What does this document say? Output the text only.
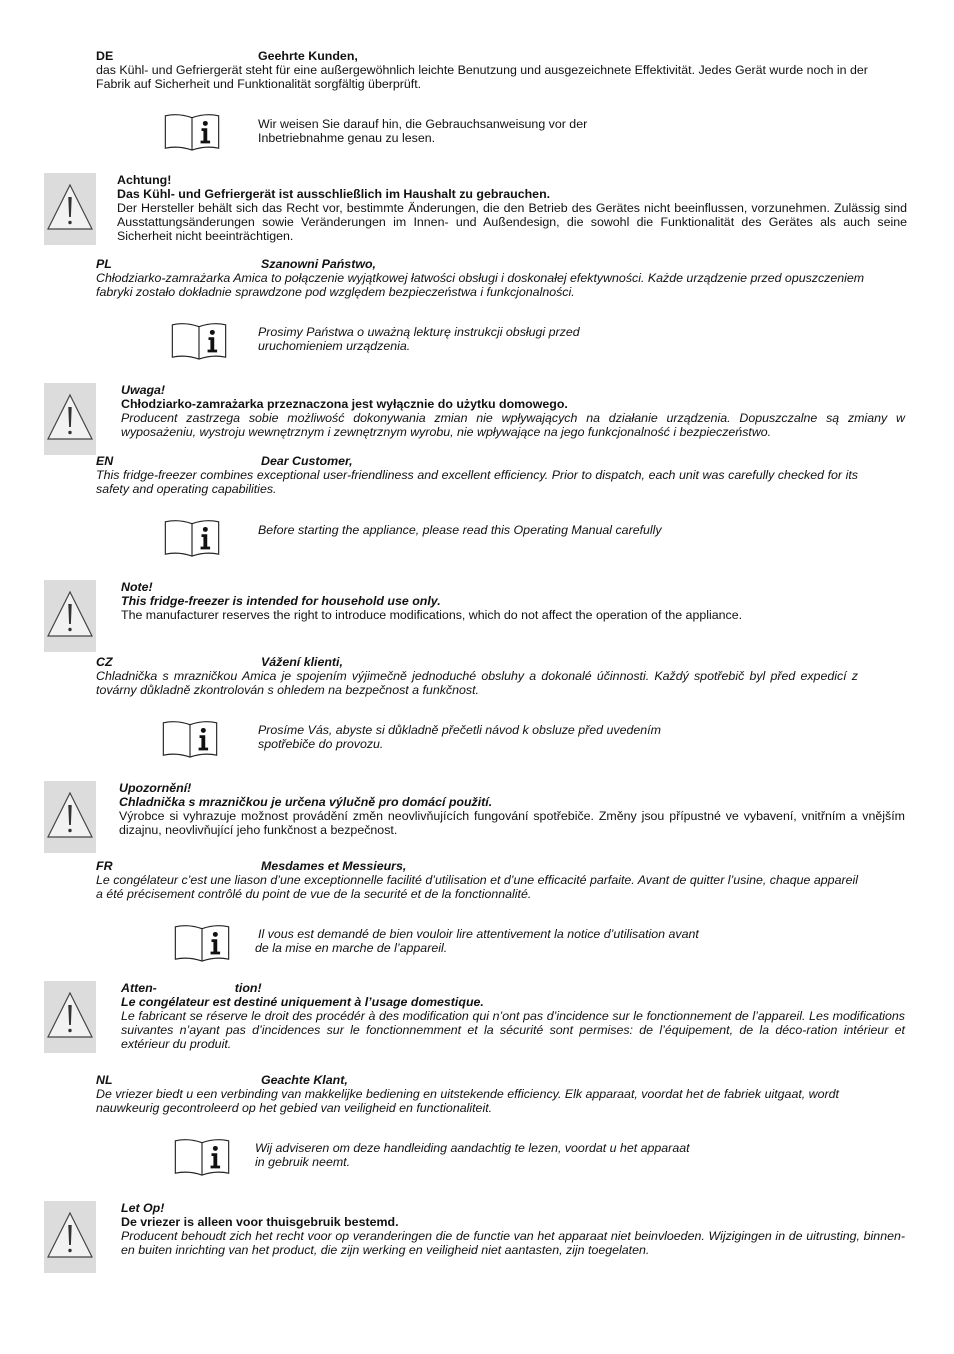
DE	Geehrte Kunden,

das Kühl- und Gefriergerät steht für eine außergewöhnlich leichte Benutzung und ausgezeichnete Effektivität. Jedes Gerät wurde noch in der Fabrik auf Sicherheit und Funktionalität sorgfältig überprüft.

Wir weisen Sie darauf hin, die Gebrauchsanweisung vor der

Inbetriebnahme genau zu lesen.

Achtung!

Das Kühl- und Gefriergerät ist ausschließlich im Haushalt zu gebrauchen.

Der Hersteller behält sich das Recht vor, bestimmte Änderungen, die den Betrieb des Gerätes nicht beeinflussen, vorzunehmen. Zulässig sind Ausstattungsänderungen sowie Veränderungen im Innen- und Außendesign, die sowohl die Funktionalität des Gerätes als auch seine Sicherheit nicht beeinträchtigen.

PL	Szanowni Państwo,

Chłodziarko-zamrażarka Amica to połączenie wyjątkowej łatwości obsługi i doskonałej efektywności. Każde urządzenie przed opuszczeniem fabryki zostało dokładnie sprawdzone pod względem bezpieczeństwa i funkcjonalności.

Prosimy Państwa o uważną lekturę instrukcji obsługi przed

uruchomieniem urządzenia.

Uwaga!

Chłodziarko-zamrażarka przeznaczona jest wyłącznie do użytku domowego.

Producent zastrzega sobie możliwość dokonywania zmian nie wpływających na działanie urządzenia. Dopuszczalne są zmiany w wyposażeniu, wystroju wewnętrznym i zewnętrznym wyrobu, nie wpływające na jego funkcjonalność i bezpieczeństwo.

EN	Dear Customer,

This fridge-freezer combines exceptional user-friendliness and excellent efficiency. Prior to dispatch, each unit was carefully checked for its safety and operating capabilities.

Before starting the appliance, please read this Operating Manual carefully

Note!

This fridge-freezer is intended for household use only.

The manufacturer reserves the right to introduce modifications, which do not affect the operation of the appliance.

CZ	Vážení klienti,

Chladnička s mrazničkou Amica je spojením výjimečně jednoduché obsluhy a dokonalé účinnosti. Každý spotřebič byl před expedicí z továrny důkladně zkontrolován s ohledem na bezpečnost a funkčnost.

Prosíme Vás, abyste si důkladně přečetli návod k obsluze před uvedením

spotřebiče do provozu.

Upozornění!

Chladnička s mrazničkou je určena výlučně pro domácí použití.

Výrobce si vyhrazuje možnost provádění změn neovlivňujících fungování spotřebiče. Změny jsou přípustné ve vybavení, vnitřním a vnějším dizajnu, neovlivňující jeho funkčnost a bezpečnost.

FR	Mesdames et Messieurs,

Le congélateur c’est une liason d’une exceptionnelle facilité d’utilisation et d’une efficacité parfaite. Avant de quitter l’usine, chaque appareil a été précisement contrôlé du point de vue de la securité et de la fonctionnalité.

Il vous est demandé de bien vouloir lire attentivement la notice d’utilisation avant

de la mise en marche de l’appareil.

Atten-	tion!

Le congélateur est destiné uniquement à l’usage domestique.

Le fabricant se réserve le droit des procédér à des modification qui n’ont pas d’incidence sur le fonctionnement de l’appareil. Les modifications suivantes n’ayant pas d’incidences sur le fonctionnemment et la sécurité sont permises: de l’équipement, de la déco-ration intérieur et extérieur du produit.

NL	Geachte Klant,

De vriezer biedt u een verbinding van makkelijke bediening en uitstekende efficiency. Elk apparaat, voordat het de fabriek uitgaat, wordt nauwkeurig gecontroleerd op het gebied van veiligheid en functionaliteit.

Wij adviseren om deze handleiding aandachtig te lezen, voordat u het apparaat

in gebruik neemt.

Let Op!

De vriezer is alleen voor thuisgebruik bestemd.

Producent behoudt zich het recht voor op veranderingen die de functie van het apparaat niet beinvloeden. Wijzigingen in de uitrusting, binnen- en buiten inrichting van het product, die zijn werking en veiligheid niet aantasten, zijn toegelaten.
